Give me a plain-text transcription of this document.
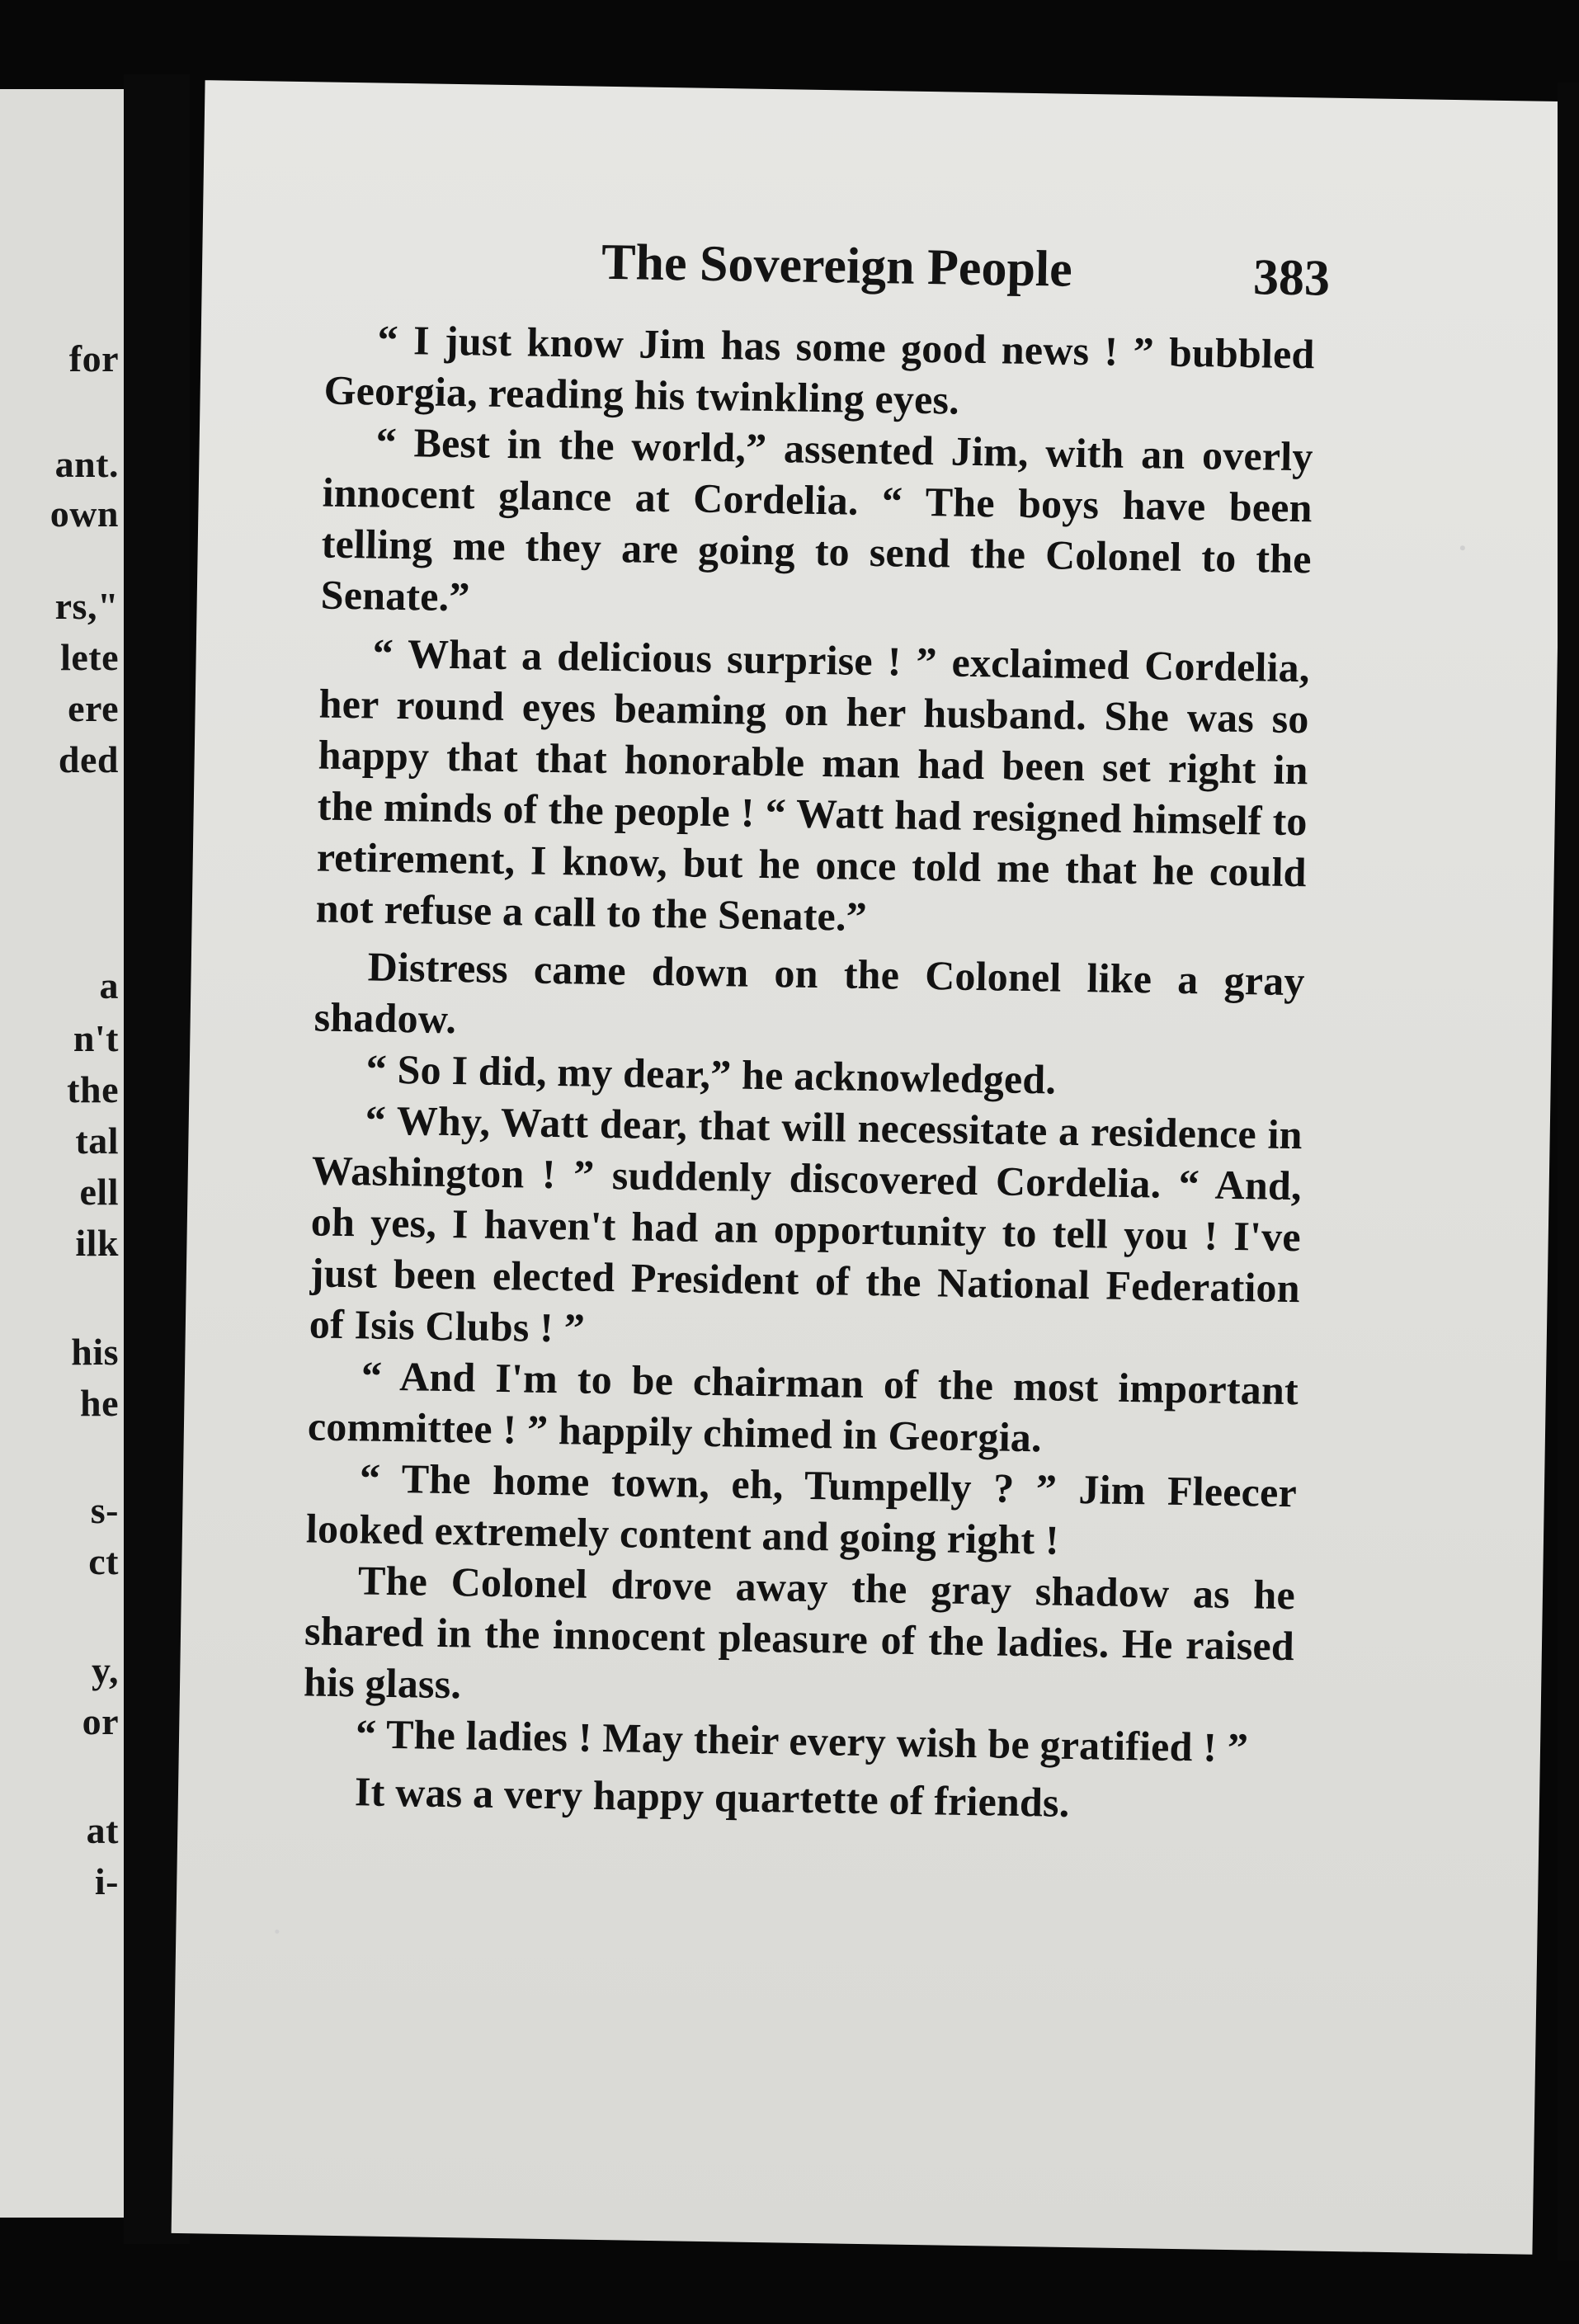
for
ant.
own
rs,"
lete
ere
ded
a
n't
the
tal
ell
ilk
his
he
s-
ct
y,
or
at
i-
The Sovereign People	383

“ I just know Jim has some good news ! ” bubbled Georgia, reading his twinkling eyes.

“ Best in the world,” assented Jim, with an overly innocent glance at Cordelia. “ The boys have been telling me they are going to send the Colonel to the Senate.”

“ What a delicious surprise ! ” exclaimed Cordelia, her round eyes beaming on her husband. She was so happy that that honorable man had been set right in the minds of the people ! “ Watt had resigned himself to retirement, I know, but he once told me that he could not refuse a call to the Senate.”

Distress came down on the Colonel like a gray shadow.

“ So I did, my dear,” he acknowledged.

“ Why, Watt dear, that will necessitate a residence in Washington ! ” suddenly discovered Cordelia. “ And, oh yes, I haven't had an opportunity to tell you ! I've just been elected President of the National Federation of Isis Clubs ! ”

“ And I'm to be chairman of the most important committee ! ” happily chimed in Georgia.

“ The home town, eh, Tumpelly ? ” Jim Fleecer looked extremely content and going right !

The Colonel drove away the gray shadow as he shared in the innocent pleasure of the ladies. He raised his glass.

“ The ladies ! May their every wish be gratified ! ”

It was a very happy quartette of friends.
